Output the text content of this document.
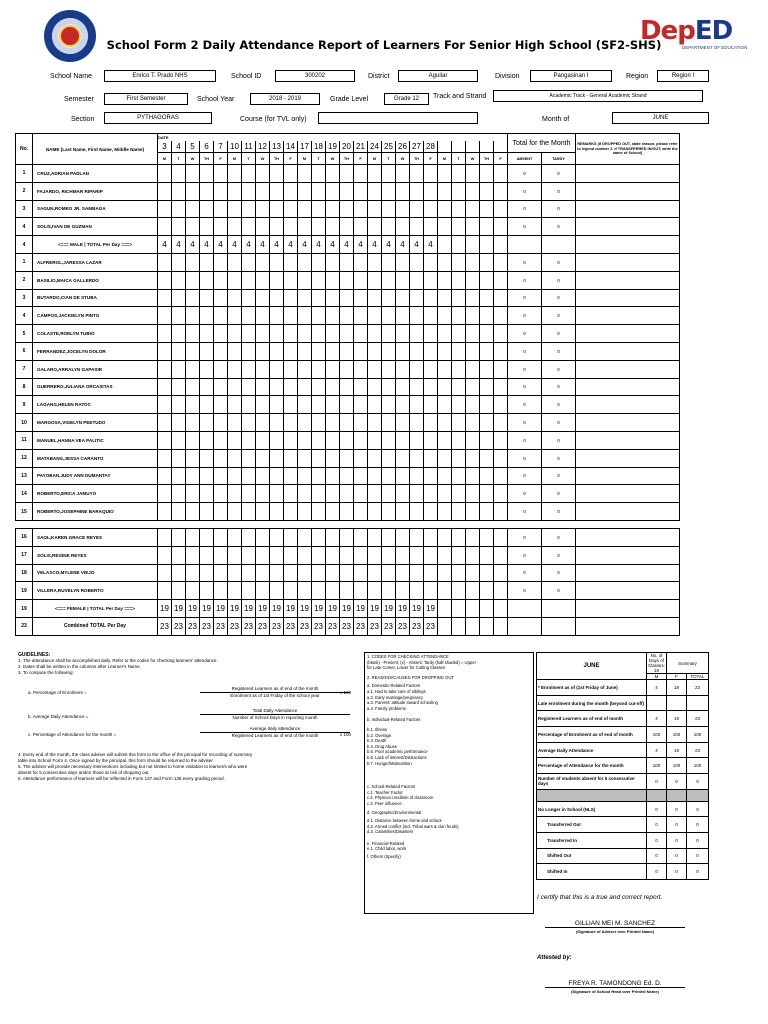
School Form 2 Daily Attendance Report of Learners For Senior High School (SF2-SHS)
DepED
DEPARTMENT OF EDUCATION
School Name	Enrico T. Prado NHS	School ID	300202	District	Aguilar	Division	Pangasinan I	Region	Region I
Semester	First Semester	School Year	2018 - 2019	Grade Level	Grade 12	Track and Strand	Academic Track - General Academic Strand
Section	PYTHAGORAS	Course (for TVL only)	Month of	JUNE
No.	NAME (Last Name, First Name, Middle Name)	DATE																									Total for the Month		REMARKS (If DROPPED OUT, state reason, please refer to legend number 2. If TRANSFERRED IN/OUT, write the name of School)
		3	4	5	6	7	10	11	12	13	14	17	18	19	20	21	24	25	26	27	28								
		M	T	W	TH	F	M	T	W	TH	F	M	T	W	TH	F	M	T	W	TH	F	M	T	W	TH	F	ABSENT	TARDY	
1	CRUZ,ADRIAN PADLAN																										0	0	
2	FAJARDO, RICHMAR RIPARIP																										0	0	
3	SAGUN,ROMEO JR. SAMBAGA																										0	0	
4	SOLIS,IVAN DE GUZMAN																										0	0	
4	<=== MALE | TOTAL Per Day ===>	4	4	4	4	4	4	4	4	4	4	4	4	4	4	4	4	4	4	4	4								
1	ALFREROL,JARESSA LAZAR																										0	0	
2	BASILIO,MAICA GALLERDO																										0	0	
3	BUTARDO,CIAN DE STUBA																										0	0	
4	CAMPOS,JACKIELYN PINTO																										0	0	
5	COLASTE,ROELYN TUBIO																										0	0	
6	FERRANDEZ,JOCELYN DOLOR																										0	0	
7	GALARO,ARRALYN GAPASIR																										0	0	
8	GUERRERO,JULIANA ORCASITAS																										0	0	
9	LAGANG,HELEN RATOC																										0	0	
10	MARGOSA,VIGELYN PEETUDO																										0	0	
11	MANUEL,HANNA VEA PALITIC																										0	0	
12	MATABANG,JESSA CARANTO																										0	0	
13	PAYOBAN,JUDY ANN DUMANTAY																										0	0	
14	ROBERTO,ERICA JAMUYO																										0	0	
15	ROBERTO,JOSEPHINE BARAQUIO																										0	0	

16	SAOL,KAREN GRACE REYES																										0	0	
17	SOLIS,REGINE REYES																										0	0	
18	VELASCO,MYLENE VIEJO																										0	0	
19	VILLERA,RUVELYN ROBERTO																										0	0	
19	<=== FEMALE | TOTAL Per Day ===>	19	19	19	19	19	19	19	19	19	19	19	19	19	19	19	19	19	19	19	19								
23	Combined TOTAL Per Day	23	23	23	23	23	23	23	23	23	23	23	23	23	23	23	23	23	23	23	23								
GUIDELINES:
1. The attendance shall be accomplished daily. Refer to the codes for checking learners' attendance.
2. Dates shall be written in the columns after Learner's Name.
3. To compute the following:
a. Percentage of Enrolment =
Registered Learners as of end of the month
Enrolment as of 1st Friday of the school year
x 100
b. Average Daily Attendance =
Total Daily Attendance
Number of School Days in reporting month
c. Percentage of Attendance for the month =
Average daily attendance
Registered Learners as of end of the month	x 100
4. Every end of the month, the class adviser will submit this form to the office of the principal for recording of summary
table into School Form 4. Once signed by the principal, this form should be returned to the adviser.
5. The adviser will provide necessary interventions including but not limited to home visitation to learner/s who were
absent for 5 consecutive days and/or those at risk of dropping out.
6. Attendance performance of learners will be reflected in Form 137 and Form 138 every grading period.
1. CODES FOR CHECKING ATTENDANCE
(blank) - Present; (x) - Absent; Tardy (half shaded) = Upper
for Late Comer, Lower for Cutting Classes
2. REASONS/CAUSES FOR DROPPING OUT
a. Domestic-Related Factors
a.1. Had to take care of siblings
a.2. Early marriage/pregnancy
a.3. Parents' attitude toward schooling
a.4. Family problems
b. Individual-Related Factors
b.1. Illness
b.2. Overage
b.3. Death
b.4. Drug Abuse
b.5. Poor academic performance
b.6. Lack of interest/Distractions
b.7. Hunger/Malnutrition
c. School-Related Factors
c.1. Teacher Factor
c.2. Physical condition of classroom
c.3. Peer influence
d. Geographic/Environmental
d.1. Distance between home and school
d.2. Armed conflict (incl. Tribal wars & clan feuds)
d.3. Calamities/Disasters
e. Financial-Related
e.1. Child labor, work
f. Others (Specify)
JUNE	No. of Days of Classes: 18	Summary	
	M	F	TOTAL
* Enrolment as of (1st Friday of June)	4	19	23
Late enrolment during the month (beyond cut-off)			
Registered Learners as of end of month	4	19	23
Percentage of Enrolment as of end of month	100	100	100
Average Daily Attendance	4	19	23
Percentage of Attendance for the month	100	100	100
Number of students absent for 5 consecutive days	0	0	0

No Longer in School (NLS)	0	0	0
Transferred Out	0	0	0
Transferred In	0	0	0
Shifted Out	0	0	0
Shifted In	0	0	0
I certify that this is a true and correct report.
GILLIAN MEI M. SANCHEZ
(Signature of Adviser over Printed Name)
Attested by:
FREYA R. TAMONDONG Ed. D.
(Signature of School Head over Printed Name)
